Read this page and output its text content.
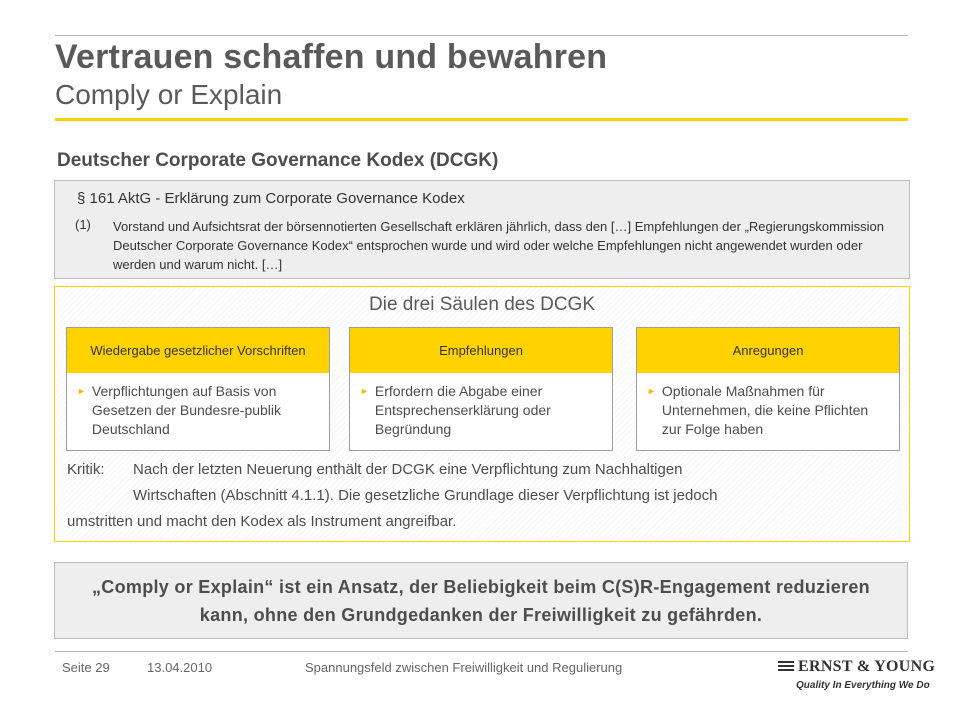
Vertrauen schaffen und bewahren
Comply or Explain
Deutscher Corporate Governance Kodex (DCGK)
§ 161 AktG - Erklärung zum Corporate Governance Kodex
(1) Vorstand und Aufsichtsrat der börsennotierten Gesellschaft erklären jährlich, dass den […] Empfehlungen der „Regierungskommission Deutscher Corporate Governance Kodex“ entsprochen wurde und wird oder welche Empfehlungen nicht angewendet wurden oder werden und warum nicht. […]
Die drei Säulen des DCGK
Wiedergabe gesetzlicher Vorschriften
► Verpflichtungen auf Basis von Gesetzen der Bundesre-publik Deutschland
Empfehlungen
► Erfordern die Abgabe einer Entsprechenserklärung oder Begründung
Anregungen
► Optionale Maßnahmen für Unternehmen, die keine Pflichten zur Folge haben
Kritik: Nach der letzten Neuerung enthält der DCGK eine Verpflichtung zum Nachhaltigen
Wirtschaften (Abschnitt 4.1.1). Die gesetzliche Grundlage dieser Verpflichtung ist jedoch
umstritten und macht den Kodex als Instrument angreifbar.
„Comply or Explain“ ist ein Ansatz, der Beliebigkeit beim C(S)R-Engagement reduzieren kann, ohne den Grundgedanken der Freiwilligkeit zu gefährden.
Seite 29	13.04.2010	Spannungsfeld zwischen Freiwilligkeit und Regulierung	ERNST & YOUNG
Quality In Everything We Do
